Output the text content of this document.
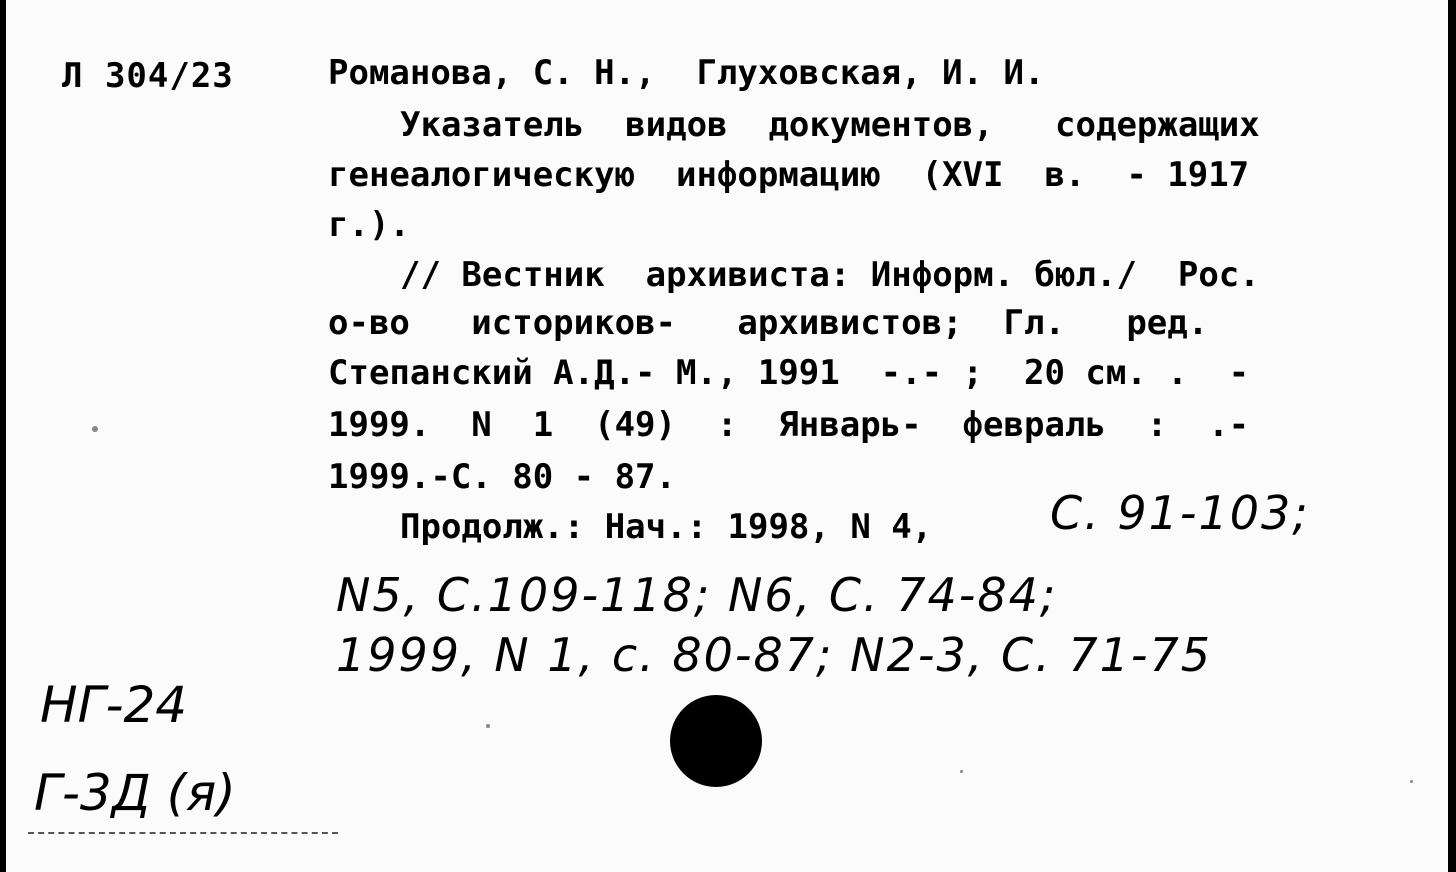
Л 304/23	Романова, С. Н.,  Глуховская, И. И.
Указатель  видов  документов,   содержащих
генеалогическую  информацию  (XVI  в.  - 1917
г.).
// Вестник  архивиста: Информ. бюл./  Рос.
о-во   историков-   архивистов;  Гл.   ред.
Степанский А.Д.- М., 1991  -.- ;  20 см. .  -
1999.  N  1  (49)  :  Январь-  февраль  :  .-
1999.-С. 80 - 87.
Продолж.: Нач.: 1998, N 4,	С. 91-103;
N5, С.109-118; N6, С. 74-84;
1999, N 1, с. 80-87; N2-3, С. 71-75
НГ-24
Г-3Д (я)
